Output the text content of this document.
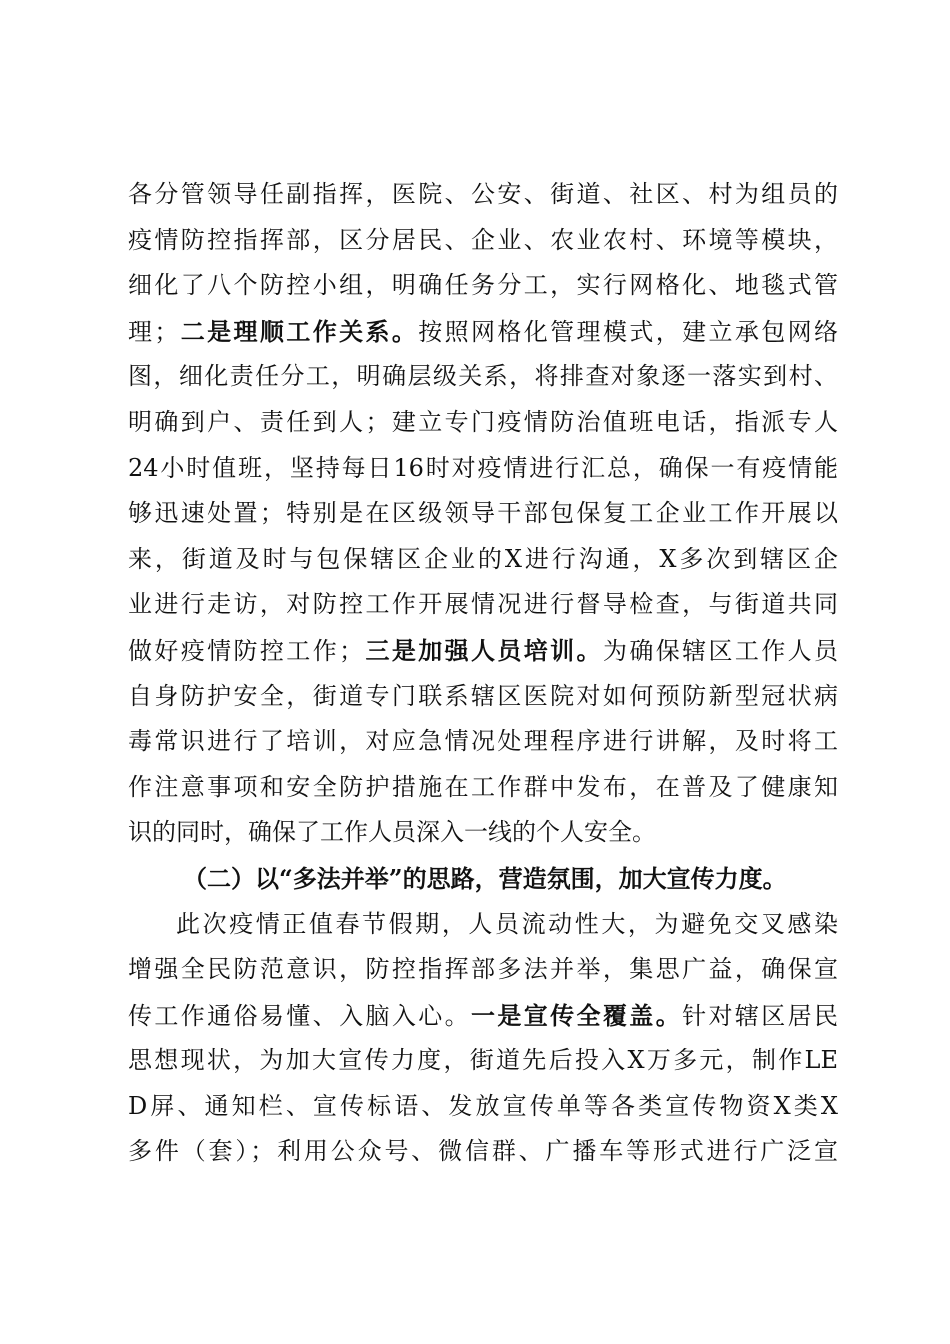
各分管领导任副指挥，医院、公安、街道、社区、村为组员的
疫情防控指挥部，区分居民、企业、农业农村、环境等模块，
细化了八个防控小组，明确任务分工，实行网格化、地毯式管
理；二是理顺工作关系。按照网格化管理模式，建立承包网络
图，细化责任分工，明确层级关系，将排查对象逐一落实到村、
明确到户、责任到人；建立专门疫情防治值班电话，指派专人
24小时值班，坚持每日16时对疫情进行汇总，确保一有疫情能
够迅速处置；特别是在区级领导干部包保复工企业工作开展以
来，街道及时与包保辖区企业的X进行沟通，X多次到辖区企
业进行走访，对防控工作开展情况进行督导检查，与街道共同
做好疫情防控工作；三是加强人员培训。为确保辖区工作人员
自身防护安全，街道专门联系辖区医院对如何预防新型冠状病
毒常识进行了培训，对应急情况处理程序进行讲解，及时将工
作注意事项和安全防护措施在工作群中发布，在普及了健康知
识的同时，确保了工作人员深入一线的个人安全。
（二）以“多法并举”的思路，营造氛围，加大宣传力度。
此次疫情正值春节假期，人员流动性大，为避免交叉感染
增强全民防范意识，防控指挥部多法并举，集思广益，确保宣
传工作通俗易懂、入脑入心。一是宣传全覆盖。针对辖区居民
思想现状，为加大宣传力度，街道先后投入X万多元，制作LE
D屏、通知栏、宣传标语、发放宣传单等各类宣传物资X类X
多件（套）；利用公众号、微信群、广播车等形式进行广泛宣
